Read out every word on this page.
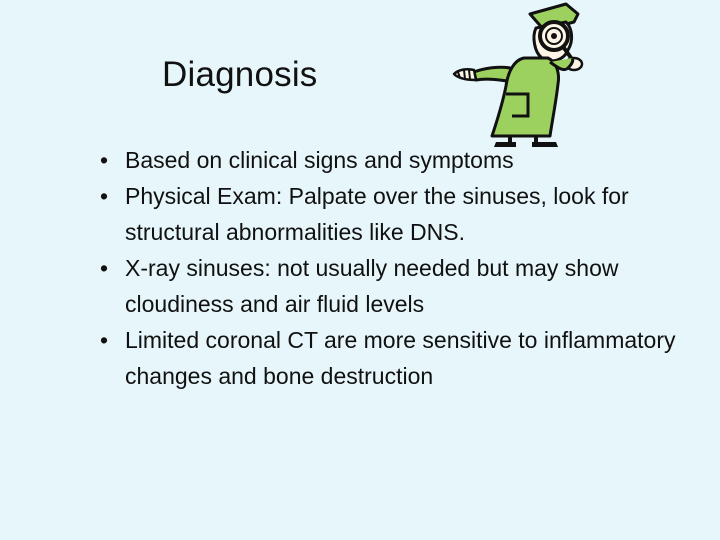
Diagnosis
• Based on clinical signs and symptoms
• Physical Exam: Palpate over the sinuses, look for structural abnormalities like DNS.
• X-ray sinuses: not usually needed but may show cloudiness and air fluid levels
• Limited coronal CT are more sensitive to inflammatory changes and bone destruction
